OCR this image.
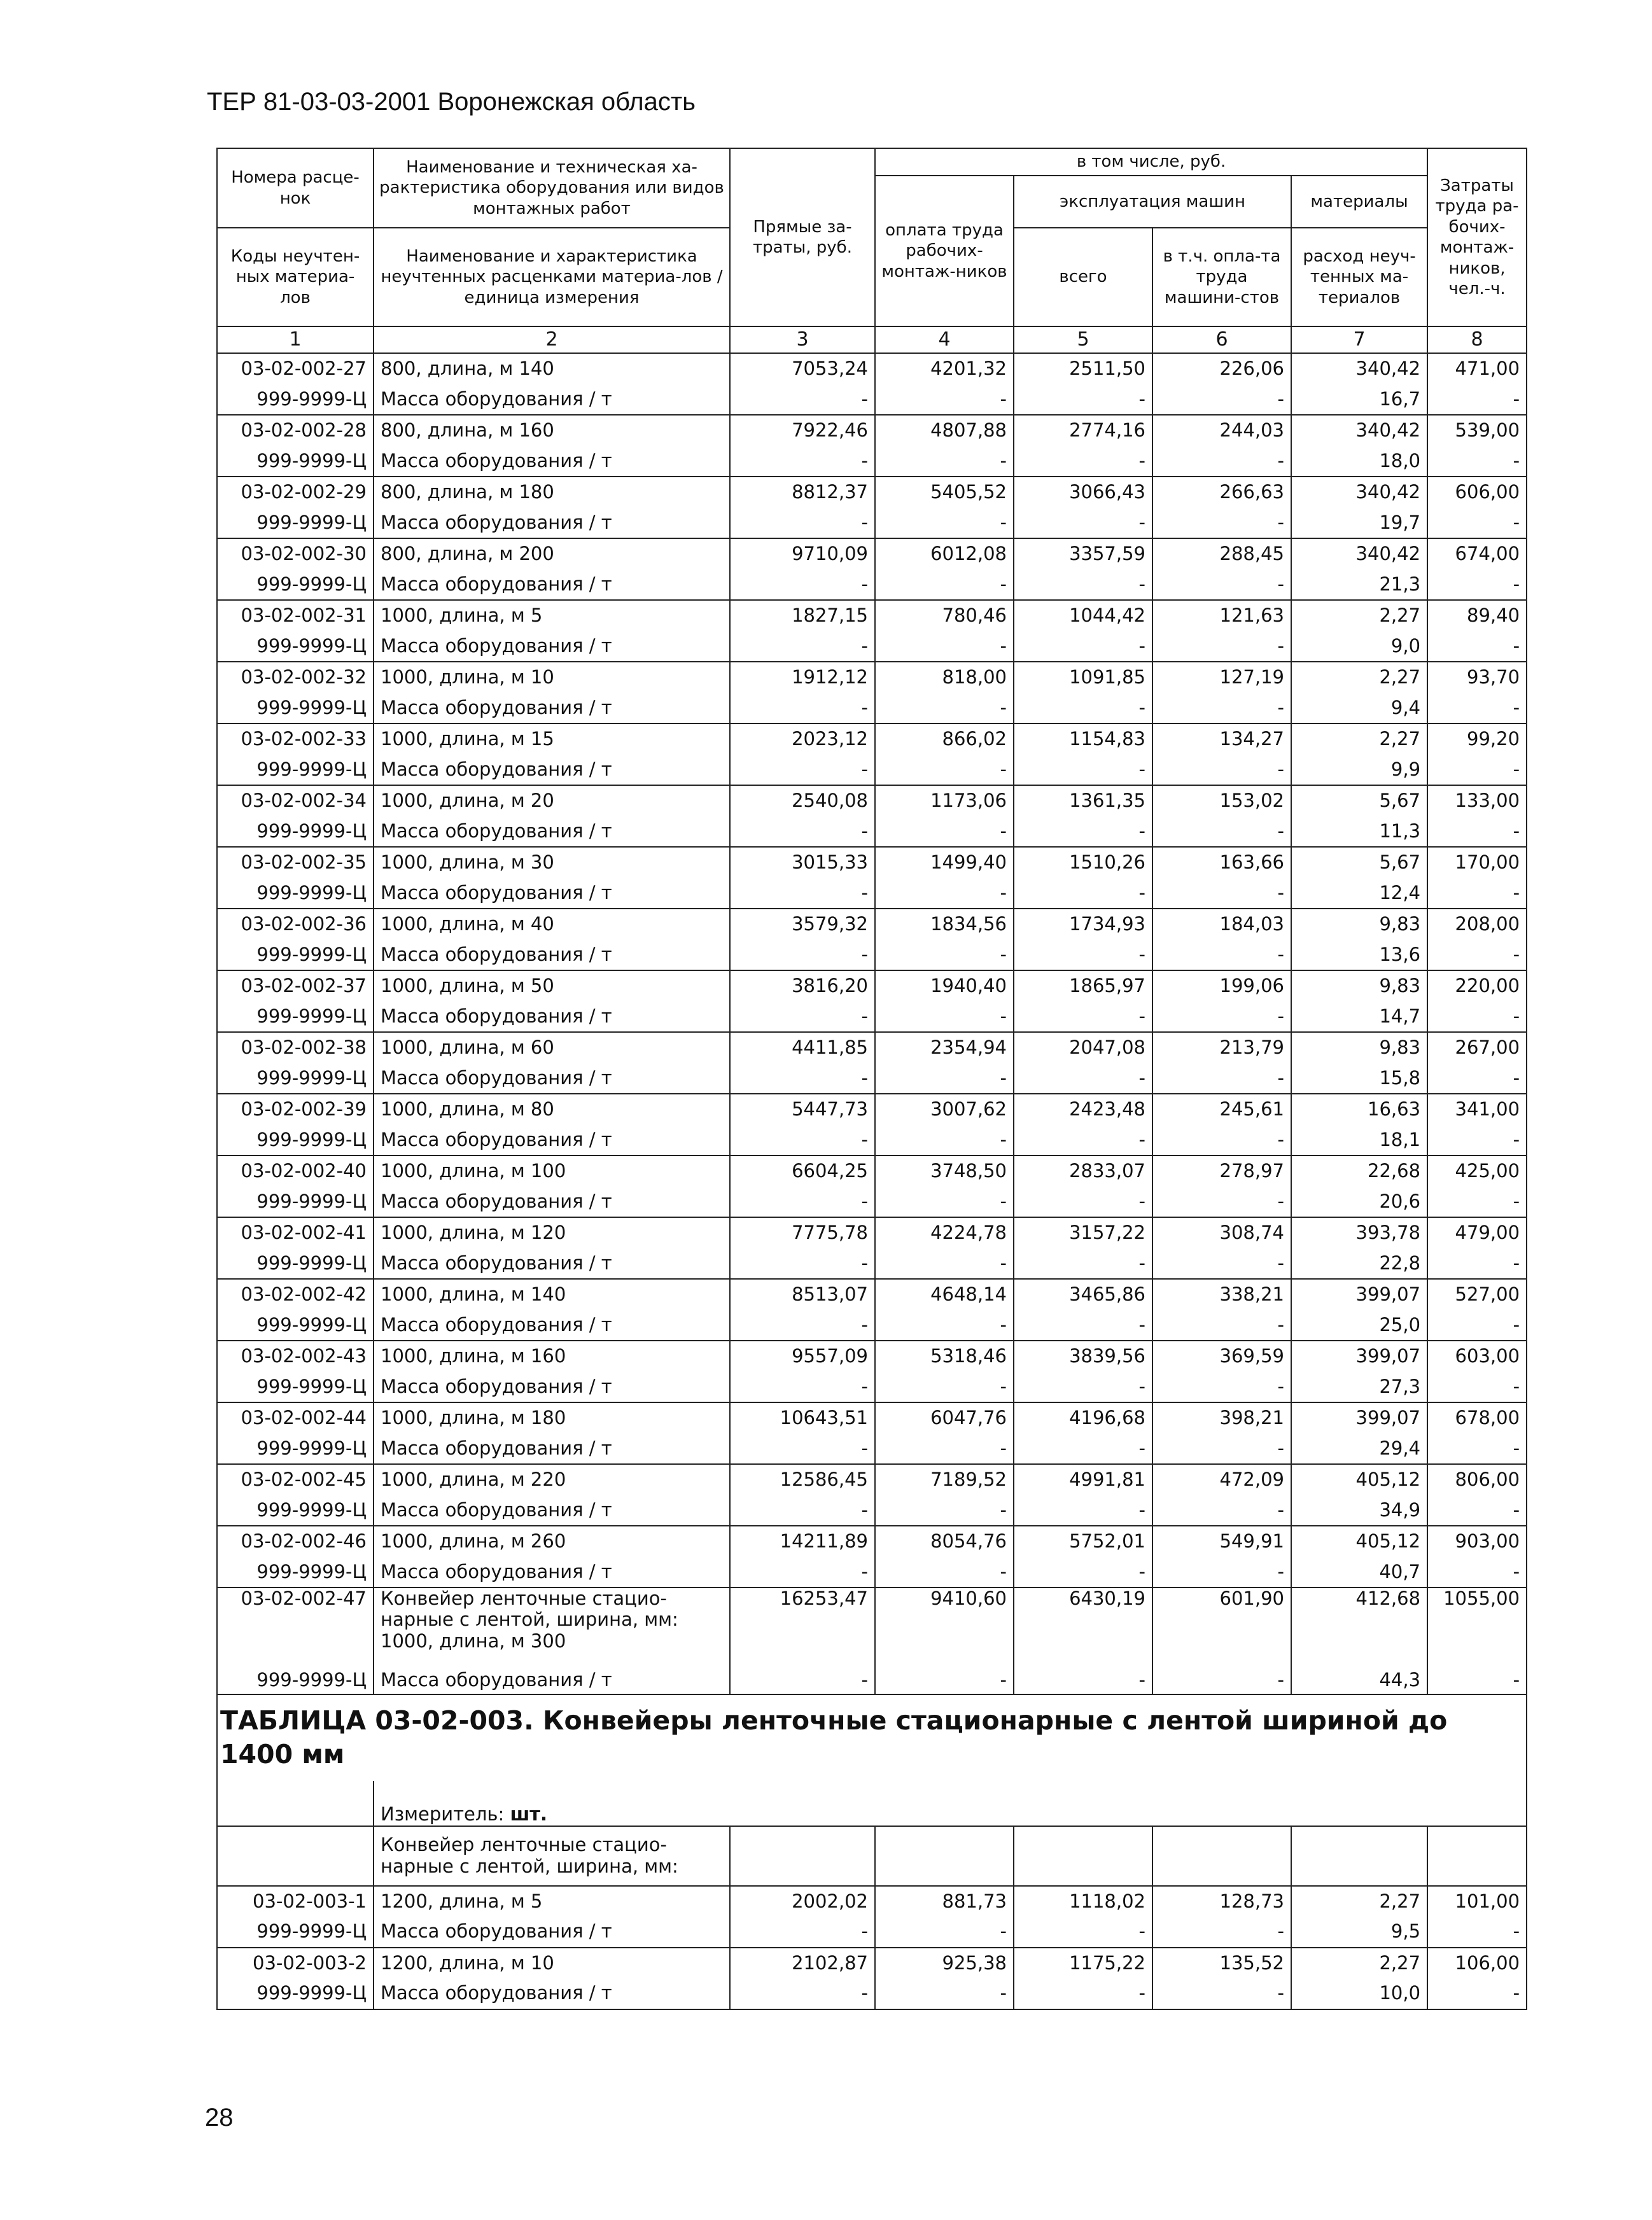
ТЕР 81-03-03-2001 Воронежская область
Номера расце-нок	Наименование и техническая ха-рактеристика оборудования или видов монтажных работ	Прямые за-траты, руб.	в том числе, руб.				Затраты труда ра-бочих-монтаж-ников, чел.-ч.
			оплата труда рабочих-монтаж-ников	эксплуатация машин		материалы	
Коды неучтен-ных материа-лов	Наименование и характеристика неучтенных расценками материа-лов / единица измерения			всего	в т.ч. опла-та труда машини-стов	расход неуч-тенных ма-териалов	

1	2	3	4	5	6	7	8
03-02-002-27	800, длина, м 140	7053,24	4201,32	2511,50	226,06	340,42	471,00
999-9999-Ц	Масса оборудования / т	-	-	-	-	16,7	-
03-02-002-28	800, длина, м 160	7922,46	4807,88	2774,16	244,03	340,42	539,00
999-9999-Ц	Масса оборудования / т	-	-	-	-	18,0	-
03-02-002-29	800, длина, м 180	8812,37	5405,52	3066,43	266,63	340,42	606,00
999-9999-Ц	Масса оборудования / т	-	-	-	-	19,7	-
03-02-002-30	800, длина, м 200	9710,09	6012,08	3357,59	288,45	340,42	674,00
999-9999-Ц	Масса оборудования / т	-	-	-	-	21,3	-
03-02-002-31	1000, длина, м 5	1827,15	780,46	1044,42	121,63	2,27	89,40
999-9999-Ц	Масса оборудования / т	-	-	-	-	9,0	-
03-02-002-32	1000, длина, м 10	1912,12	818,00	1091,85	127,19	2,27	93,70
999-9999-Ц	Масса оборудования / т	-	-	-	-	9,4	-
03-02-002-33	1000, длина, м 15	2023,12	866,02	1154,83	134,27	2,27	99,20
999-9999-Ц	Масса оборудования / т	-	-	-	-	9,9	-
03-02-002-34	1000, длина, м 20	2540,08	1173,06	1361,35	153,02	5,67	133,00
999-9999-Ц	Масса оборудования / т	-	-	-	-	11,3	-
03-02-002-35	1000, длина, м 30	3015,33	1499,40	1510,26	163,66	5,67	170,00
999-9999-Ц	Масса оборудования / т	-	-	-	-	12,4	-
03-02-002-36	1000, длина, м 40	3579,32	1834,56	1734,93	184,03	9,83	208,00
999-9999-Ц	Масса оборудования / т	-	-	-	-	13,6	-
03-02-002-37	1000, длина, м 50	3816,20	1940,40	1865,97	199,06	9,83	220,00
999-9999-Ц	Масса оборудования / т	-	-	-	-	14,7	-
03-02-002-38	1000, длина, м 60	4411,85	2354,94	2047,08	213,79	9,83	267,00
999-9999-Ц	Масса оборудования / т	-	-	-	-	15,8	-
03-02-002-39	1000, длина, м 80	5447,73	3007,62	2423,48	245,61	16,63	341,00
999-9999-Ц	Масса оборудования / т	-	-	-	-	18,1	-
03-02-002-40	1000, длина, м 100	6604,25	3748,50	2833,07	278,97	22,68	425,00
999-9999-Ц	Масса оборудования / т	-	-	-	-	20,6	-
03-02-002-41	1000, длина, м 120	7775,78	4224,78	3157,22	308,74	393,78	479,00
999-9999-Ц	Масса оборудования / т	-	-	-	-	22,8	-
03-02-002-42	1000, длина, м 140	8513,07	4648,14	3465,86	338,21	399,07	527,00
999-9999-Ц	Масса оборудования / т	-	-	-	-	25,0	-
03-02-002-43	1000, длина, м 160	9557,09	5318,46	3839,56	369,59	399,07	603,00
999-9999-Ц	Масса оборудования / т	-	-	-	-	27,3	-
03-02-002-44	1000, длина, м 180	10643,51	6047,76	4196,68	398,21	399,07	678,00
999-9999-Ц	Масса оборудования / т	-	-	-	-	29,4	-
03-02-002-45	1000, длина, м 220	12586,45	7189,52	4991,81	472,09	405,12	806,00
999-9999-Ц	Масса оборудования / т	-	-	-	-	34,9	-
03-02-002-46	1000, длина, м 260	14211,89	8054,76	5752,01	549,91	405,12	903,00
999-9999-Ц	Масса оборудования / т	-	-	-	-	40,7	-
03-02-002-47	Конвейер ленточные стацио-нарные с лентой, ширина, мм: 1000, длина, м 300	16253,47	9410,60	6430,19	601,90	412,68	1055,00
999-9999-Ц	Масса оборудования / т	-	-	-	-	44,3	-
ТАБЛИЦА 03-02-003. Конвейеры ленточные стационарные с лентой шириной до 1400 мм							
	Измеритель: шт.						
	Конвейер ленточные стацио-нарные с лентой, ширина, мм:						
03-02-003-1	1200, длина, м 5	2002,02	881,73	1118,02	128,73	2,27	101,00
999-9999-Ц	Масса оборудования / т	-	-	-	-	9,5	-
03-02-003-2	1200, длина, м 10	2102,87	925,38	1175,22	135,52	2,27	106,00
999-9999-Ц	Масса оборудования / т	-	-	-	-	10,0	-
28
